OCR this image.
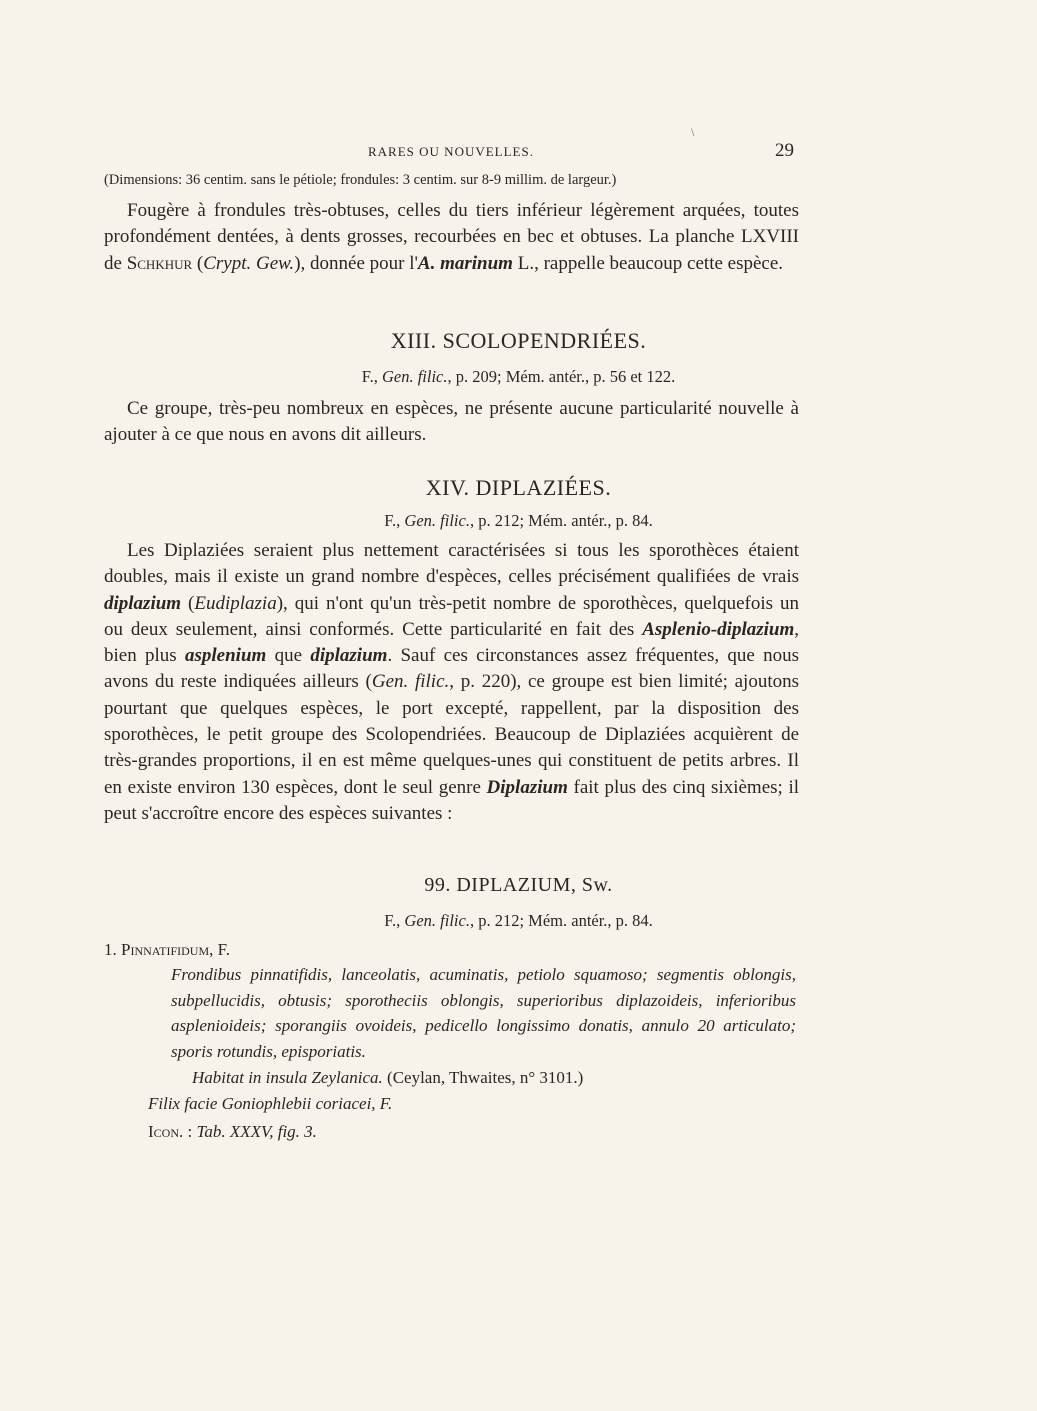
\
RARES OU NOUVELLES.	29
(Dimensions: 36 centim. sans le pétiole; frondules: 3 centim. sur 8-9 millim. de largeur.)
Fougère à frondules très-obtuses, celles du tiers inférieur légèrement arquées, toutes profondément dentées, à dents grosses, recourbées en bec et obtuses. La planche LXVIII de Schkhur (Crypt. Gew.), donnée pour l'A. marinum L., rappelle beaucoup cette espèce.
XIII. SCOLOPENDRIÉES.
F., Gen. filic., p. 209; Mém. antér., p. 56 et 122.
Ce groupe, très-peu nombreux en espèces, ne présente aucune particularité nouvelle à ajouter à ce que nous en avons dit ailleurs.
XIV. DIPLAZIÉES.
F., Gen. filic., p. 212; Mém. antér., p. 84.
Les Diplaziées seraient plus nettement caractérisées si tous les sporothèces étaient doubles, mais il existe un grand nombre d'espèces, celles précisément qualifiées de vrais diplazium (Eudiplazia), qui n'ont qu'un très-petit nombre de sporothèces, quelquefois un ou deux seulement, ainsi conformés. Cette particularité en fait des Asplenio-diplazium, bien plus asplenium que diplazium. Sauf ces circonstances assez fréquentes, que nous avons du reste indiquées ailleurs (Gen. filic., p. 220), ce groupe est bien limité; ajoutons pourtant que quelques espèces, le port excepté, rappellent, par la disposition des sporothèces, le petit groupe des Scolopendriées. Beaucoup de Diplaziées acquièrent de très-grandes proportions, il en est même quelques-unes qui constituent de petits arbres. Il en existe environ 130 espèces, dont le seul genre Diplazium fait plus des cinq sixièmes; il peut s'accroître encore des espèces suivantes :
99. DIPLAZIUM, Sw.
F., Gen. filic., p. 212; Mém. antér., p. 84.
1. Pinnatifidum, F.
Frondibus pinnatifidis, lanceolatis, acuminatis, petiolo squamoso; segmentis oblongis, subpellucidis, obtusis; sporotheciis oblongis, superioribus diplazoideis, inferioribus asplenioideis; sporangiis ovoideis, pedicello longissimo donatis, annulo 20 articulato; sporis rotundis, episporiatis.
Habitat in insula Zeylanica. (Ceylan, Thwaites, n° 3101.)
Filix facie Goniophlebii coriacei, F.
Icon. : Tab. XXXV, fig. 3.
